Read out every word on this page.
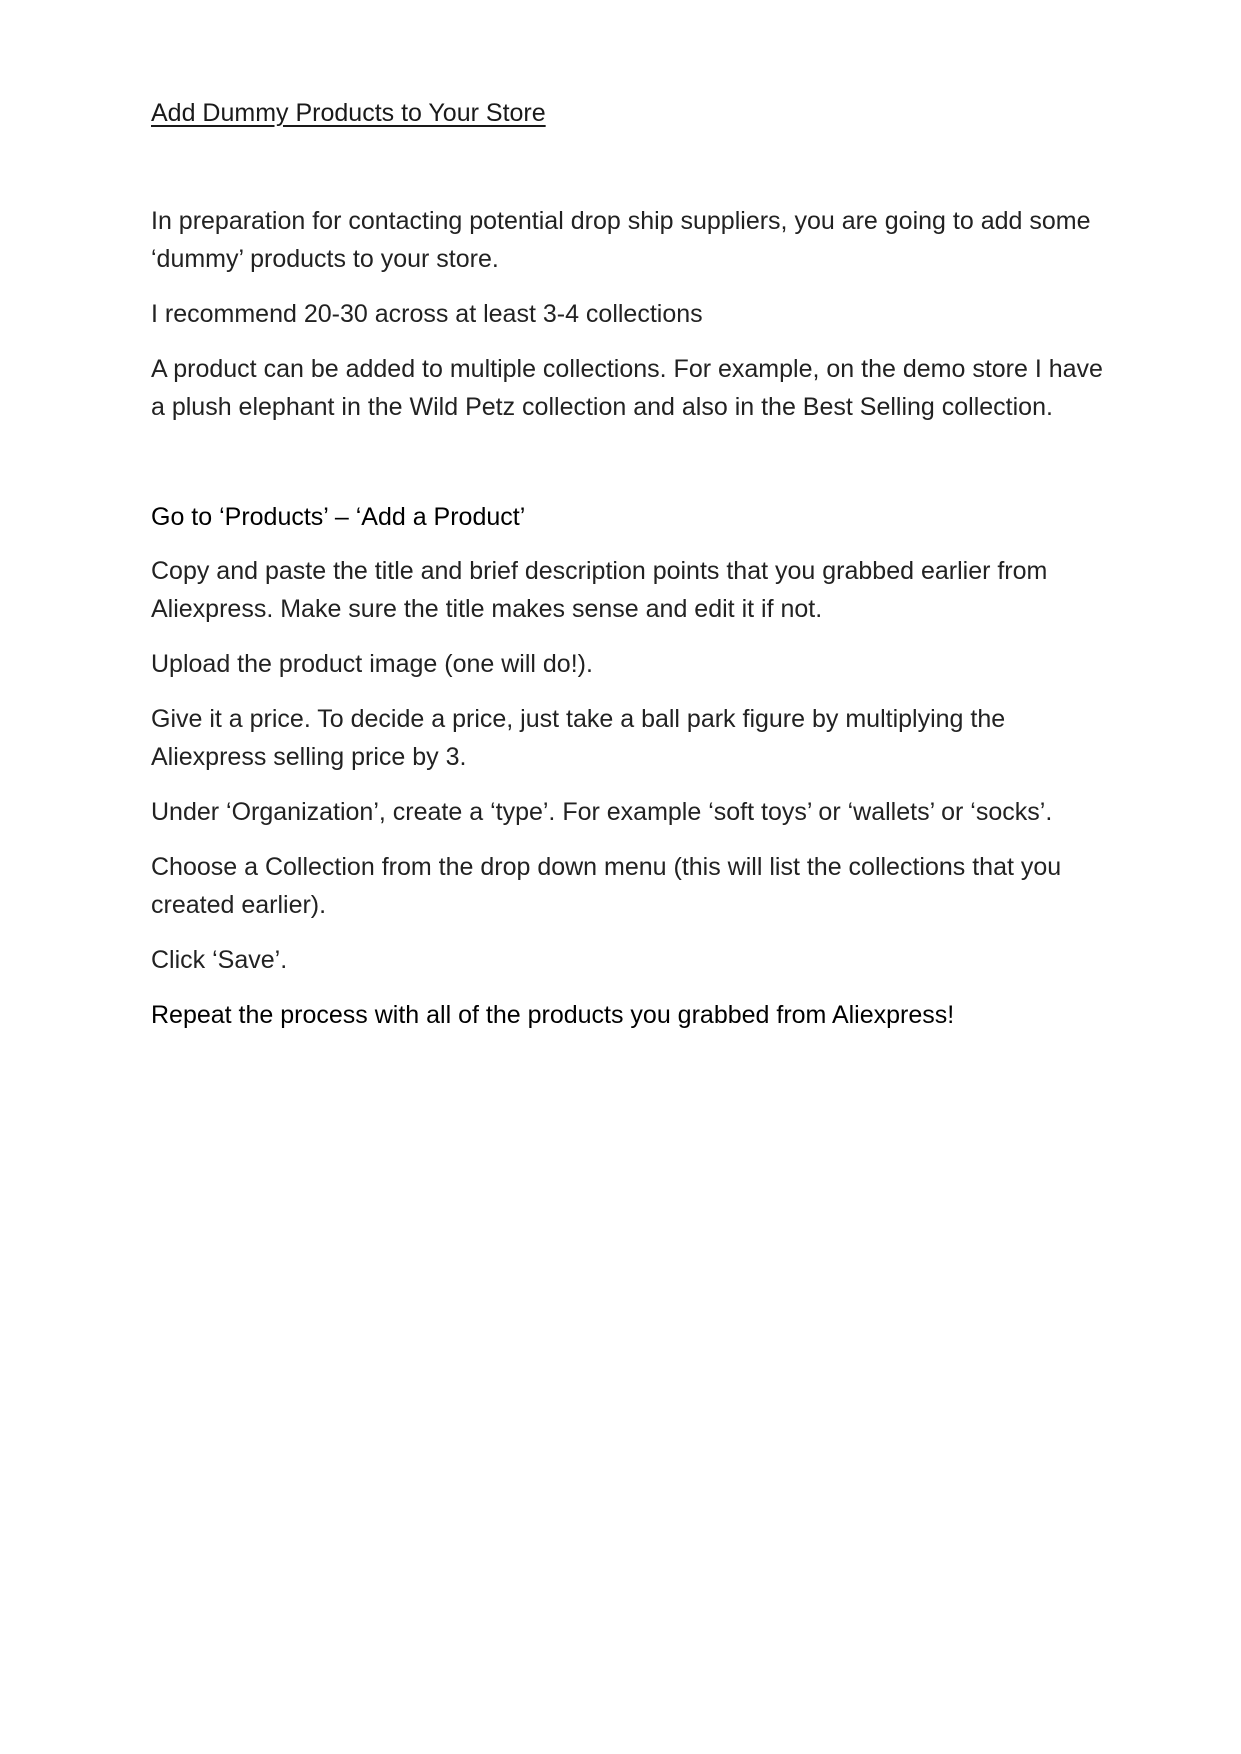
Add Dummy Products to Your Store

In preparation for contacting potential drop ship suppliers, you are going to add some ‘dummy’ products to your store.

I recommend 20-30 across at least 3-4 collections

A product can be added to multiple collections. For example, on the demo store I have a plush elephant in the Wild Petz collection and also in the Best Selling collection.

Go to ‘Products’ – ‘Add a Product’

Copy and paste the title and brief description points that you grabbed earlier from Aliexpress. Make sure the title makes sense and edit it if not.

Upload the product image (one will do!).

Give it a price. To decide a price, just take a ball park figure by multiplying the Aliexpress selling price by 3.

Under ‘Organization’, create a ‘type’. For example ‘soft toys’ or ‘wallets’ or ‘socks’.

Choose a Collection from the drop down menu (this will list the collections that you created earlier).

Click ‘Save’.

Repeat the process with all of the products you grabbed from Aliexpress!
